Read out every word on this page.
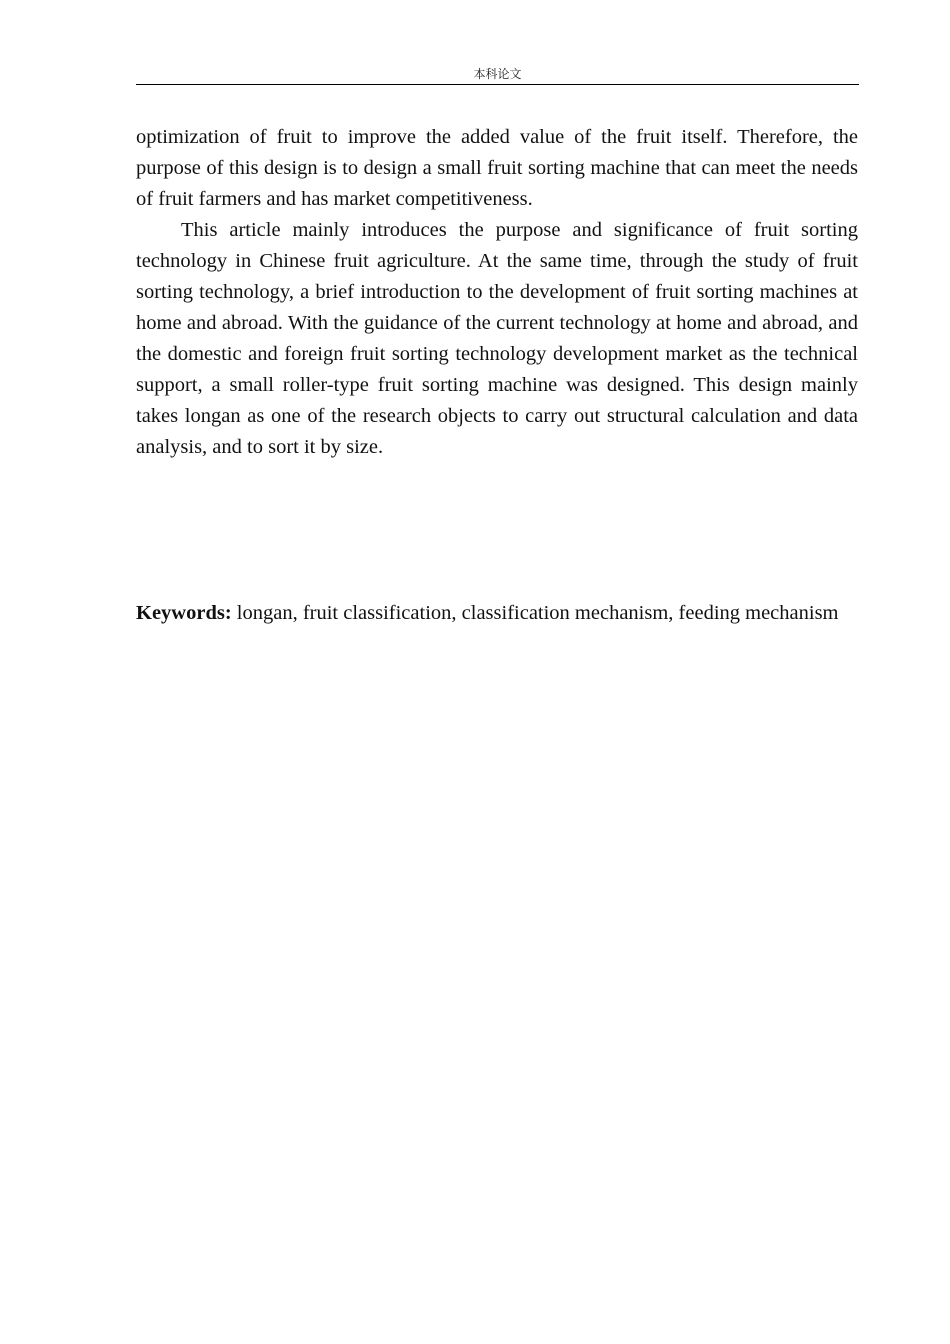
本科论文

optimization of fruit to improve the added value of the fruit itself. Therefore, the purpose of this design is to design a small fruit sorting machine that can meet the needs of fruit farmers and has market competitiveness.

This article mainly introduces the purpose and significance of fruit sorting technology in Chinese fruit agriculture. At the same time, through the study of fruit sorting technology, a brief introduction to the development of fruit sorting machines at home and abroad. With the guidance of the current technology at home and abroad, and the domestic and foreign fruit sorting technology development market as the technical support, a small roller-type fruit sorting machine was designed. This design mainly takes longan as one of the research objects to carry out structural calculation and data analysis, and to sort it by size.

Keywords: longan, fruit classification, classification mechanism, feeding mechanism
